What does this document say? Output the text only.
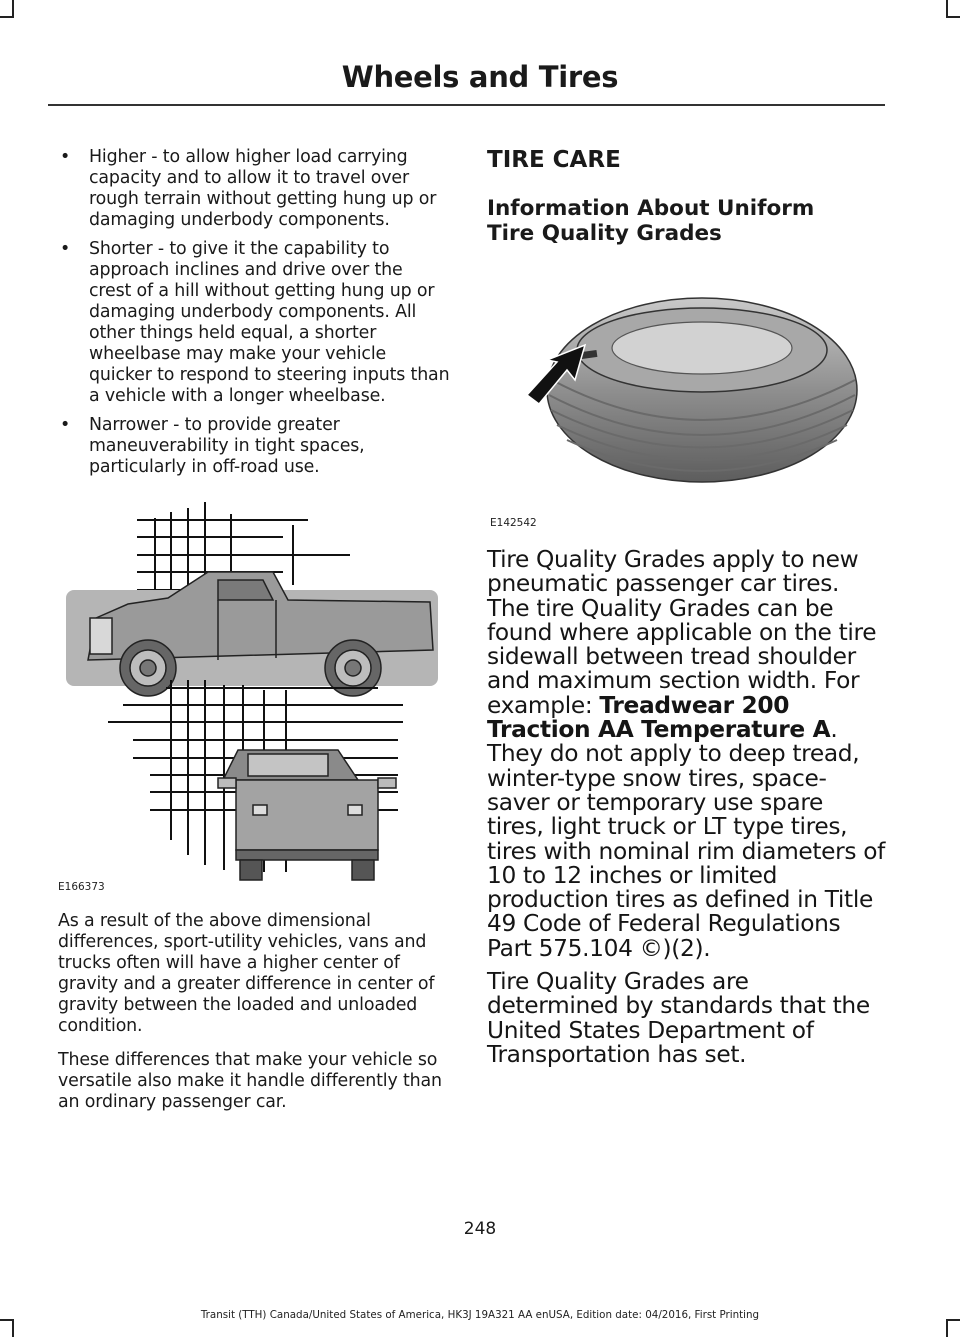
Wheels and Tires
• Higher - to allow higher load carrying capacity and to allow it to travel over rough terrain without getting hung up or damaging underbody components.
• Shorter - to give it the capability to approach inclines and drive over the crest of a hill without getting hung up or damaging underbody components. All other things held equal, a shorter wheelbase may make your vehicle quicker to respond to steering inputs than a vehicle with a longer wheelbase.
• Narrower - to provide greater maneuverability in tight spaces, particularly in off-road use.
E166373

As a result of the above dimensional differences, sport-utility vehicles, vans and trucks often will have a higher center of gravity and a greater difference in center of gravity between the loaded and unloaded condition.

These differences that make your vehicle so versatile also make it handle differently than an ordinary passenger car.

TIRE CARE
Information About Uniform Tire Quality Grades
E142542

Tire Quality Grades apply to new pneumatic passenger car tires. The tire Quality Grades can be found where applicable on the tire sidewall between tread shoulder and maximum section width. For example: Treadwear 200 Traction AA Temperature A. They do not apply to deep tread, winter-type snow tires, space-saver or temporary use spare tires, light truck or LT type tires, tires with nominal rim diameters of 10 to 12 inches or limited production tires as defined in Title 49 Code of Federal Regulations Part 575.104 ©)(2).

Tire Quality Grades are determined by standards that the United States Department of Transportation has set.

248
Transit (TTH) Canada/United States of America, HK3J 19A321 AA enUSA, Edition date: 04/2016, First Printing
